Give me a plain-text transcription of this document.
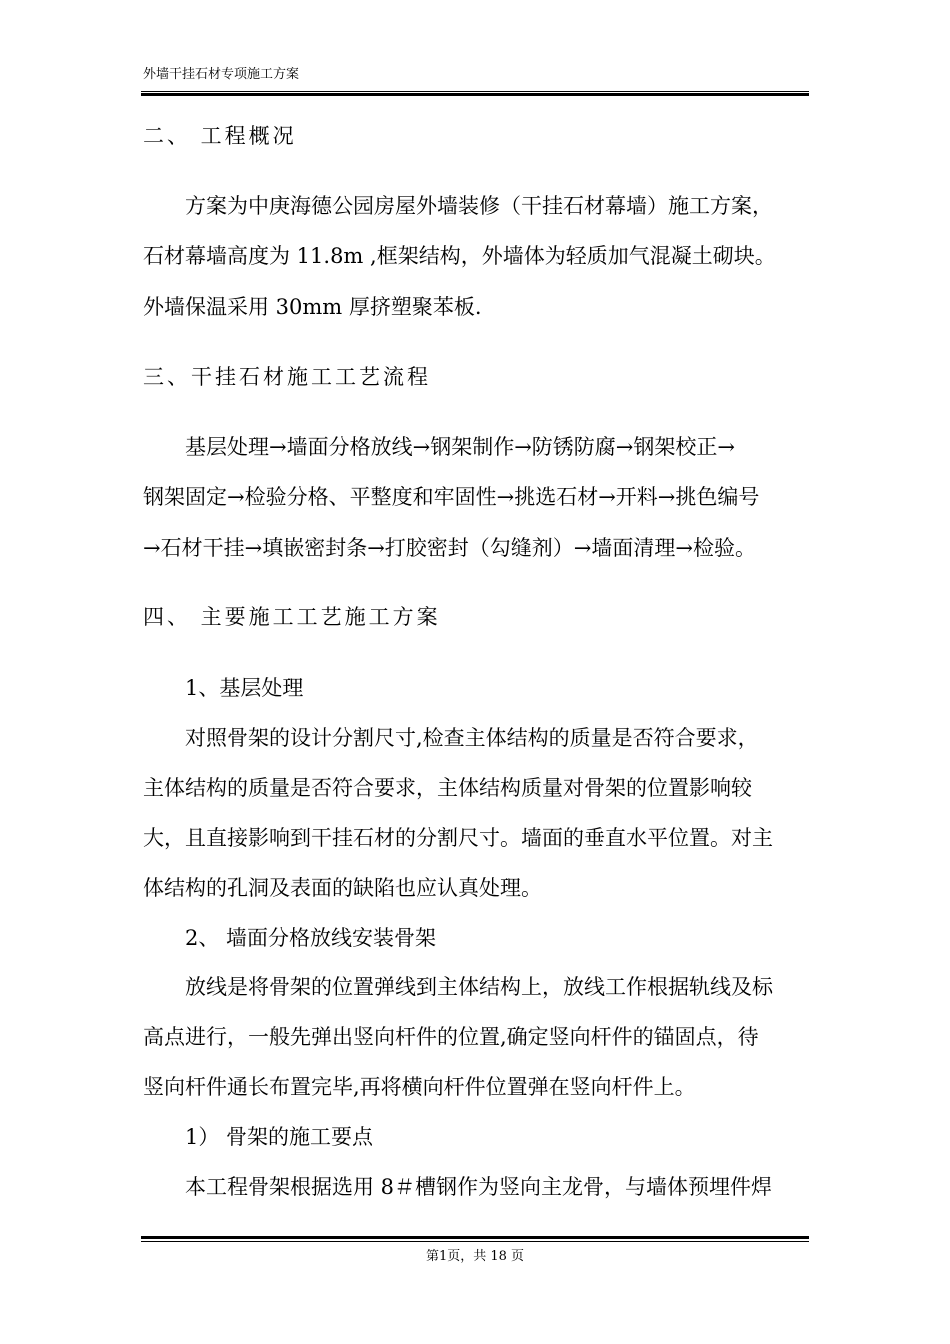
外墙干挂石材专项施工方案
二、 工程概况
方案为中庚海德公园房屋外墙装修（干挂石材幕墙）施工方案，
石材幕墙高度为 11.8m ,框架结构，外墙体为轻质加气混凝土砌块。
外墙保温采用 30mm 厚挤塑聚苯板.
三、干挂石材施工工艺流程
基层处理→墙面分格放线→钢架制作→防锈防腐→钢架校正→
钢架固定→检验分格、平整度和牢固性→挑选石材→开料→挑色编号
→石材干挂→填嵌密封条→打胶密封（勾缝剂）→墙面清理→检验。
四、 主要施工工艺施工方案
1、基层处理
对照骨架的设计分割尺寸,检查主体结构的质量是否符合要求，
主体结构的质量是否符合要求，主体结构质量对骨架的位置影响较
大，且直接影响到干挂石材的分割尺寸。墙面的垂直水平位置。对主
体结构的孔洞及表面的缺陷也应认真处理。
2、 墙面分格放线安装骨架
放线是将骨架的位置弹线到主体结构上，放线工作根据轨线及标
高点进行，一般先弹出竖向杆件的位置,确定竖向杆件的锚固点，待
竖向杆件通长布置完毕,再将横向杆件位置弹在竖向杆件上。
1） 骨架的施工要点
本工程骨架根据选用 8＃槽钢作为竖向主龙骨，与墙体预埋件焊
第1页，共 18 页
